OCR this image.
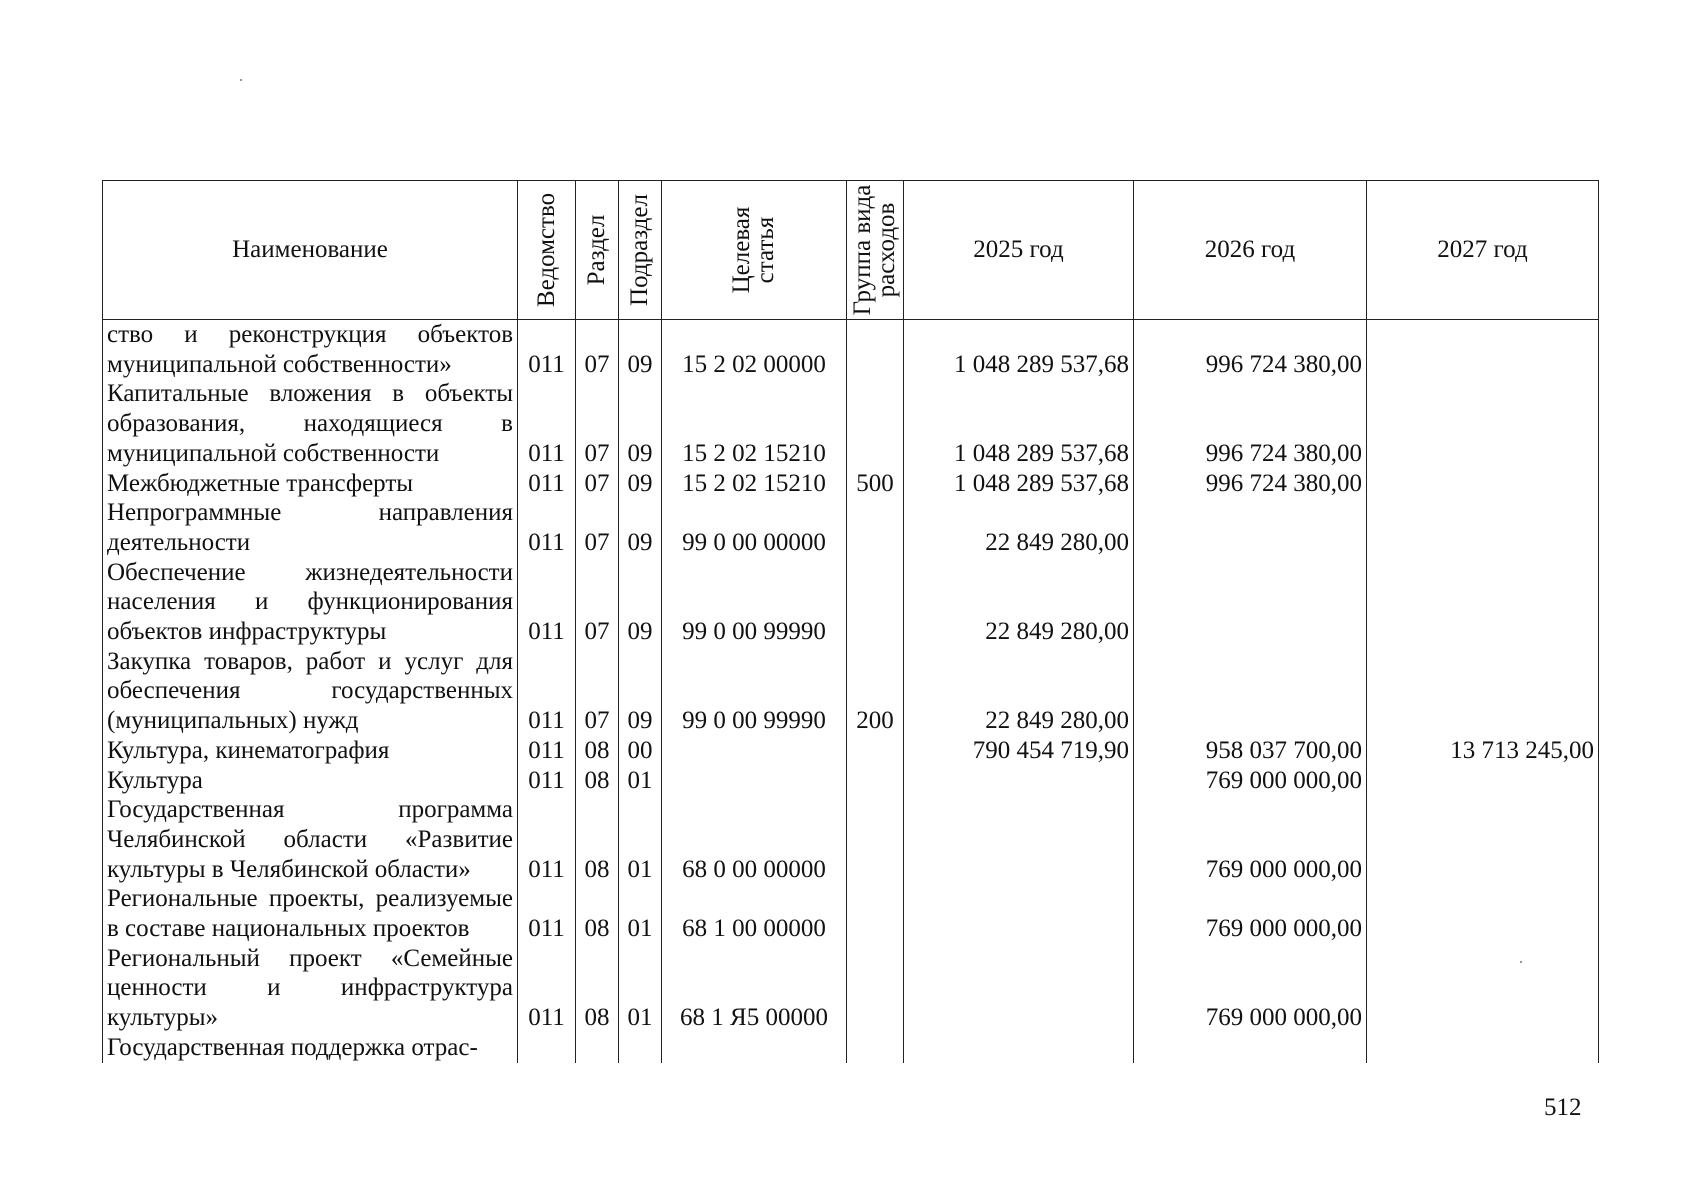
Наименование	Ведомство	Раздел	Подраздел	Целевая статья	Группа вида расходов	2025 год	2026 год	2027 год
ство и реконструкция объектов муниципальной собственности»	011	07	09	15 2 02 00000		1 048 289 537,68	996 724 380,00	
Капитальные вложения в объекты образования, находящиеся в муниципальной собственности	011	07	09	15 2 02 15210		1 048 289 537,68	996 724 380,00	
Межбюджетные трансферты	011	07	09	15 2 02 15210	500	1 048 289 537,68	996 724 380,00	
Непрограммные направления деятельности	011	07	09	99 0 00 00000		22 849 280,00		
Обеспечение жизнедеятельности населения и функционирования объектов инфраструктуры	011	07	09	99 0 00 99990		22 849 280,00		
Закупка товаров, работ и услуг для обеспечения государственных (муниципальных) нужд	011	07	09	99 0 00 99990	200	22 849 280,00		
Культура, кинематография	011	08	00			790 454 719,90	958 037 700,00	13 713 245,00
Культура	011	08	01				769 000 000,00	
Государственная программа Челябинской области «Развитие культуры в Челябинской области»	011	08	01	68 0 00 00000			769 000 000,00	
Региональные проекты, реализуемые в составе национальных проектов	011	08	01	68 1 00 00000			769 000 000,00	
Региональный проект «Семейные ценности и инфраструктура культуры»	011	08	01	68 1 Я5 00000			769 000 000,00	
Государственная поддержка отрас-								
512
